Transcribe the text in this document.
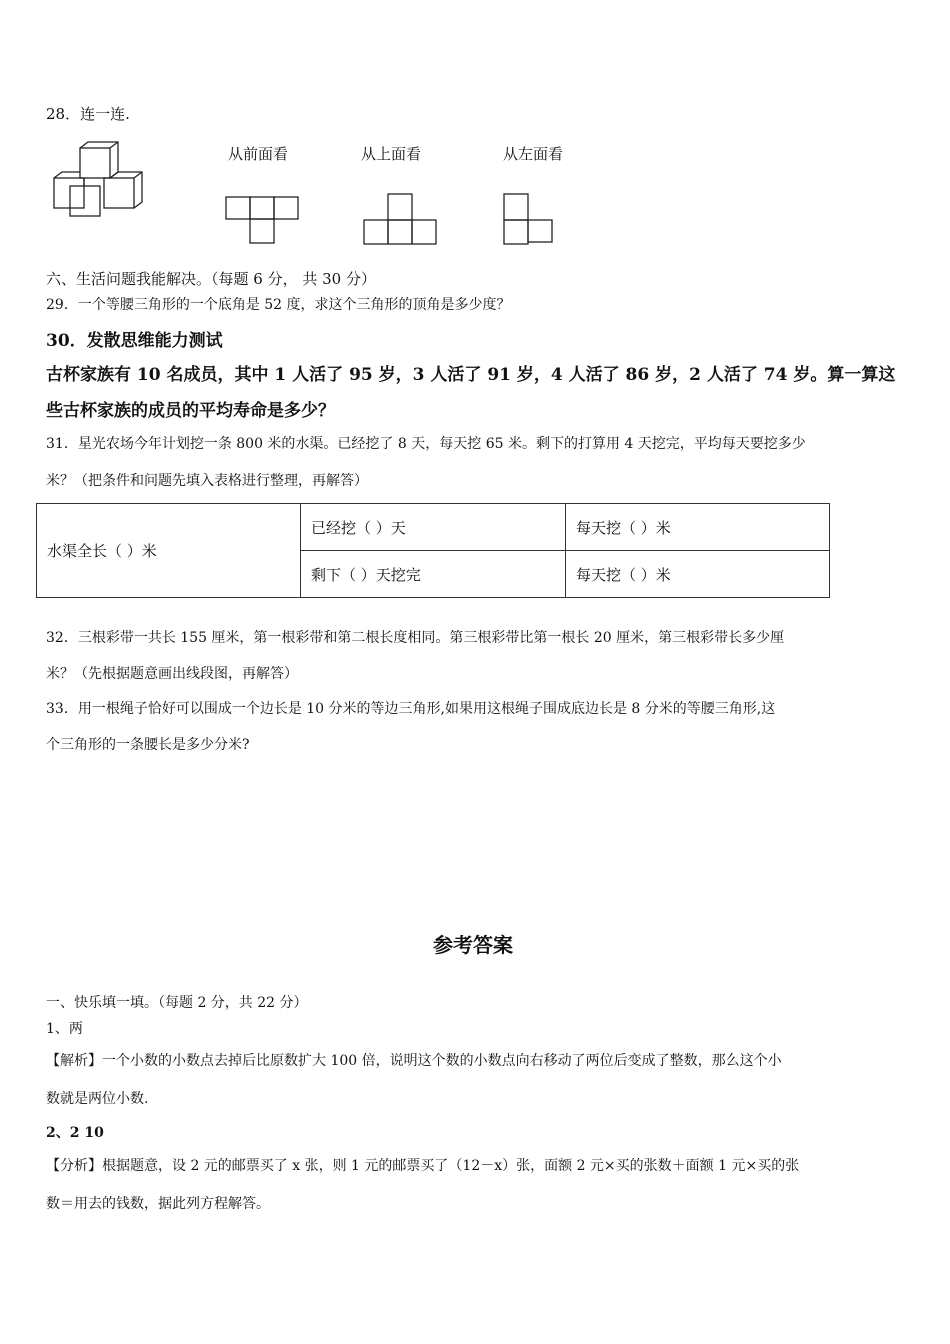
28．连一连.
从前面看	从上面看	从左面看
六、生活问题我能解决。（每题 6 分， 共 30 分）
29．一个等腰三角形的一个底角是 52 度，求这个三角形的顶角是多少度？
30．发散思维能力测试
古杯家族有 10 名成员，其中 1 人活了 95 岁，3 人活了 91 岁，4 人活了 86 岁，2 人活了 74 岁。算一算这
些古杯家族的成员的平均寿命是多少？
31．星光农场今年计划挖一条 800 米的水渠。已经挖了 8 天，每天挖 65 米。剩下的打算用 4 天挖完，平均每天要挖多少
米？（把条件和问题先填入表格进行整理，再解答）
水渠全长（ ）米	已经挖（ ）天	每天挖（ ）米
	剩下（ ）天挖完	每天挖（ ）米
32．三根彩带一共长 155 厘米，第一根彩带和第二根长度相同。第三根彩带比第一根长 20 厘米，第三根彩带长多少厘
米？（先根据题意画出线段图，再解答）
33．用一根绳子恰好可以围成一个边长是 10 分米的等边三角形,如果用这根绳子围成底边长是 8 分米的等腰三角形,这
个三角形的一条腰长是多少分米?
参考答案
一、快乐填一填。（每题 2 分，共 22 分）
1、两
【解析】一个小数的小数点去掉后比原数扩大 100 倍，说明这个数的小数点向右移动了两位后变成了整数，那么这个小
数就是两位小数.
2、2 10
【分析】根据题意，设 2 元的邮票买了 x 张，则 1 元的邮票买了（12－x）张，面额 2 元×买的张数＋面额 1 元×买的张
数＝用去的钱数，据此列方程解答。
